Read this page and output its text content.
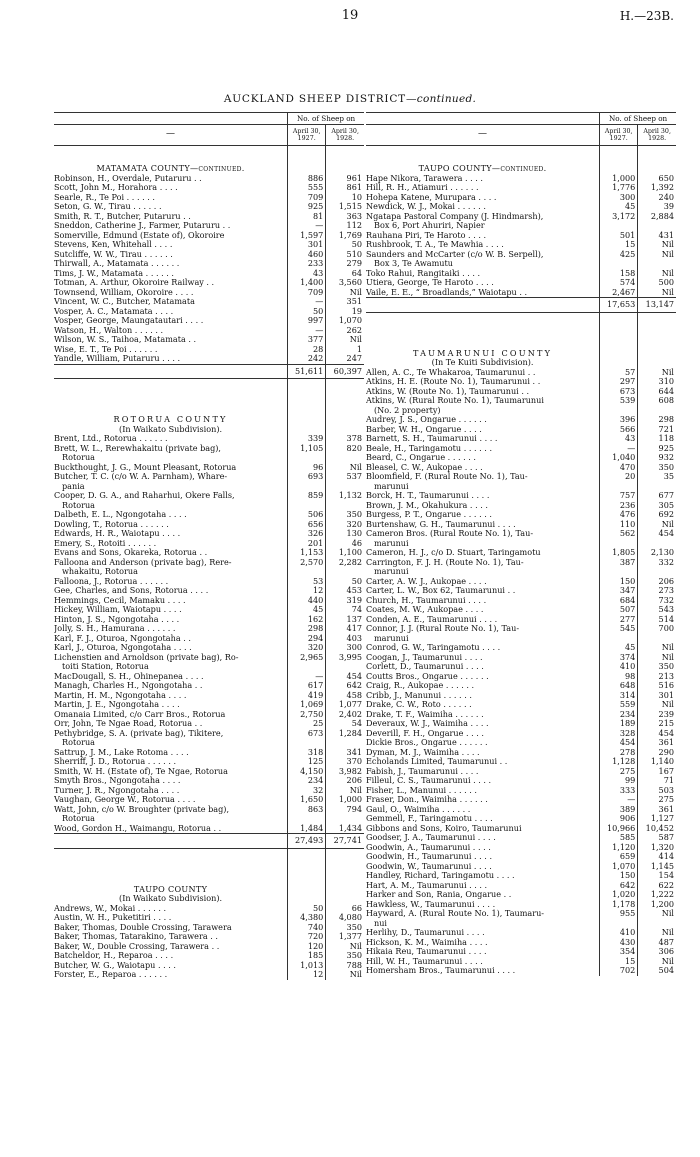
19	H.—23B.
AUCKLAND SHEEP DISTRICT—continued.
	No. of Sheep on	
—	April 30, 1927.	April 30, 1928.

MATAMATA COUNTY—continued.		
Robinson, H., Overdale, Putaruru . .	886	961
Scott, John M., Horahora . . . .	555	861
Searle, R., Te Poi . . . . . .	709	10
Seton, G. W., Tirau . . . . . .	925	1,515
Smith, R. T., Butcher, Putaruru . .	81	363
Sneddon, Catherine J., Farmer, Putaruru . .	—	112
Somerville, Edmund (Estate of), Okoroire	1,597	1,769
Stevens, Ken, Whitehall . . . .	301	50
Sutcliffe, W. W., Tirau . . . . . .	460	510
Thirwall, A., Matamata . . . . . .	233	279
Tims, J. W., Matamata . . . . . .	43	64
Totman, A. Arthur, Okoroire Railway . .	1,400	3,560
Townsend, William, Okoroire . . . .	709	Nil
Vincent, W. C., Butcher, Matamata	—	351
Vosper, A. C., Matamata . . . .	50	19
Vosper, George, Maungatautari . . . .	997	1,070
Watson, H., Walton . . . . . .	—	262
Wilson, W. S., Taihoa, Matamata . .	377	Nil
Wise, E. T., Te Poi . . . . . .	28	1
Yandle, William, Putaruru . . . .	242	247
	51,611	60,397

ROTORUA COUNTY		
(In Waikato Subdivision).		
Brent, Ltd., Rotorua . . . . . .	339	378
Brett, W. L., Rerewhakaitu (private bag),	1,105	820
Rotorua		
Buckthought, J. G., Mount Pleasant, Rotorua	96	Nil
Butcher, T. C. (c/o W. A. Parnham), Whare-	693	537
pania		
Cooper, D. G. A., and Raharhui, Okere Falls,	859	1,132
Rotorua		
Dalbeth, E. L., Ngongotaha . . . .	506	350
Dowling, T., Rotorua . . . . . .	656	320
Edwards, H. R., Waiotapu . . . .	326	130
Emery, S., Rotoiti . . . . . .	201	46
Evans and Sons, Okareka, Rotorua . .	1,153	1,100
Falloona and Anderson (private bag), Rere-	2,570	2,282
whakaitu, Rotorua		
Falloona, J., Rotorua . . . . . .	53	50
Gee, Charles, and Sons, Rotorua . . . .	12	453
Hemmings, Cecil, Mamaku . . . .	440	319
Hickey, William, Waiotapu . . . .	45	74
Hinton, J. S., Ngongotaha . . . .	162	137
Jolly, S. H., Hamurana . . . . . .	298	417
Karl, F. J., Oturoa, Ngongotaha . .	294	403
Karl, J., Oturoa, Ngongotaha . . . .	320	300
Lichenstien and Arnoldson (private bag), Ro-	2,965	3,995
toiti Station, Rotorua		
MacDougall, S. H., Ohinepanea . . . .	—	454
Managh, Charles H., Ngongotaha . .	617	642
Martin, H. M., Ngongotaha . . . .	419	458
Martin, J. E., Ngongotaha . . . .	1,069	1,077
Omanaia Limited, c/o Carr Bros., Rotorua	2,750	2,402
Orr, John, Te Ngae Road, Rotorua . .	25	54
Pethybridge, S. A. (private bag), Tikitere,	673	1,284
Rotorua		
Sattrup, J. M., Lake Rotoma . . . .	318	341
Sherriff, J. D., Rotorua . . . . . .	125	370
Smith, W. H. (Estate of), Te Ngae, Rotorua	4,150	3,982
Smyth Bros., Ngongotaha . . . .	234	206
Turner, J. R., Ngongotaha . . . .	32	Nil
Vaughan, George W., Rotorua . . . .	1,650	1,000
Watt, John, c/o W. Broughter (private bag),	863	794
Rotorua		
Wood, Gordon H., Waimangu, Rotorua . .	1,484	1,434
	27,493	27,741

TAUPO COUNTY		
(In Waikato Subdivision).		
Andrews, W., Mokai . . . . . .	50	66
Austin, W. H., Puketitiri . . . .	4,380	4,080
Baker, Thomas, Double Crossing, Tarawera	740	350
Baker, Thomas, Tatarakino, Tarawera . .	720	1,377
Baker, W., Double Crossing, Tarawera . .	120	Nil
Batcheldor, H., Reparoa . . . .	185	350
Butcher, W. G., Waiotapu . . . .	1,013	788
Forster, E., Reparoa . . . . . .	12	Nil
	No. of Sheep on	
—	April 30, 1927.	April 30, 1928.

TAUPO COUNTY—continued.		
Hape Nikora, Tarawera . . . .	1,000	650
Hill, R. H., Atiamuri . . . . . .	1,776	1,392
Hohepa Katene, Murupara . . . .	300	240
Newdick, W. J., Mokai . . . . . .	45	39
Ngatapa Pastoral Company (J. Hindmarsh),	3,172	2,884
Box 6, Port Ahuriri, Napier		
Rauhana Piri, Te Haroto . . . .	501	431
Rushbrook, T. A., Te Mawhia . . . .	15	Nil
Saunders and McCarter (c/o W. B. Serpell),	425	Nil
Box 3, Te Awamutu		
Toko Rahui, Rangitaiki . . . .	158	Nil
Utiera, George, Te Haroto . . . .	574	500
Vaile, E. E., “ Broadlands,” Waiotapu . .	2,467	Nil
	17,653	13,147

TAUMARUNUI COUNTY		
(In Te Kuiti Subdivision).		
Allen, A. C., Te Whakaroa, Taumarunui . .	57	Nil
Atkins, H. E. (Route No. 1), Taumarunui . .	297	310
Atkins, W. (Route No. 1), Taumarunui . .	673	644
Atkins, W. (Rural Route No. 1), Taumarunui	539	608
(No. 2 property)		
Audrey, J. S., Ongarue . . . . . .	396	298
Barber, W. H., Ongarue . . . .	566	721
Barnett, S. H., Taumarunui . . . .	43	118
Beale, H., Taringamotu . . . . . .	—	925
Beard, C., Ongarue . . . . . .	1,040	932
Bleasel, C. W., Aukopae . . . .	470	350
Bloomfield, F. (Rural Route No. 1), Tau-	20	35
marunui		
Borck, H. T., Taumarunui . . . .	757	677
Brown, J. M., Okahukura . . . .	236	305
Burgess, P. T., Ongarue . . . . . .	476	692
Burtenshaw, G. H., Taumarunui . . . .	110	Nil
Cameron Bros. (Rural Route No. 1), Tau-	562	454
marunui		
Cameron, H. J., c/o D. Stuart, Taringamotu	1,805	2,130
Carrington, F. J. H. (Route No. 1), Tau-	387	332
marunui		
Carter, A. W. J., Aukopae . . . .	150	206
Carter, L. W., Box 62, Taumarunui . .	347	273
Church, H., Taumarunui . . . .	684	732
Coates, M. W., Aukopae . . . .	507	543
Conden, A. E., Taumarunui . . . .	277	514
Connor, J. J. (Rural Route No. 1), Tau-	545	700
marunui		
Conrod, G. W., Taringamotu . . . .	45	Nil
Coogan, J., Taumarunui . . . .	374	Nil
Corlett, D., Taumarunui . . . .	410	350
Coutts Bros., Ongarue . . . . . .	98	213
Craig, R., Aukopae . . . . . .	648	516
Cribb, J., Manunui . . . . . .	314	301
Drake, C. W., Roto . . . . . .	559	Nil
Drake, T. F., Waimiha . . . . . .	234	239
Deveraux, W. J., Waimiha . . . .	189	215
Deverill, F. H., Ongarue . . . .	328	454
Dickie Bros., Ongarue . . . . . .	454	361
Dyman, M. J., Waimiha . . . .	278	290
Echolands Limited, Taumarunui . .	1,128	1,140
Fabish, J., Taumarunui . . . .	275	167
Filleul, C. S., Taumarunui . . . .	99	71
Fisher, L., Manunui . . . . . .	333	503
Fraser, Don., Waimiha . . . . . .	—	275
Gaul, O., Waimiha . . . . . .	389	361
Gemmell, F., Taringamotu . . . .	906	1,127
Gibbons and Sons, Koiro, Taumarunui	10,966	10,452
Goodser, J. A., Taumarunui . . . .	585	587
Goodwin, A., Taumarunui . . . .	1,120	1,320
Goodwin, H., Taumarunui . . . .	659	414
Goodwin, W., Taumarunui . . . .	1,070	1,145
Handley, Richard, Taringamotu . . . .	150	154
Hart, A. M., Taumarunui . . . .	642	622
Harker and Son, Rania, Ongarue . .	1,020	1,222
Hawkless, W., Taumarunui . . . .	1,178	1,200
Hayward, A. (Rural Route No. 1), Taumaru-	955	Nil
nui		
Herlihy, D., Taumarunui . . . .	410	Nil
Hickson, K. M., Waimiha . . . .	430	487
Hikaia Reu, Taumarunui . . . .	354	306
Hill, W. H., Taumarunui . . . .	15	Nil
Homersham Bros., Taumarunui . . . .	702	504
